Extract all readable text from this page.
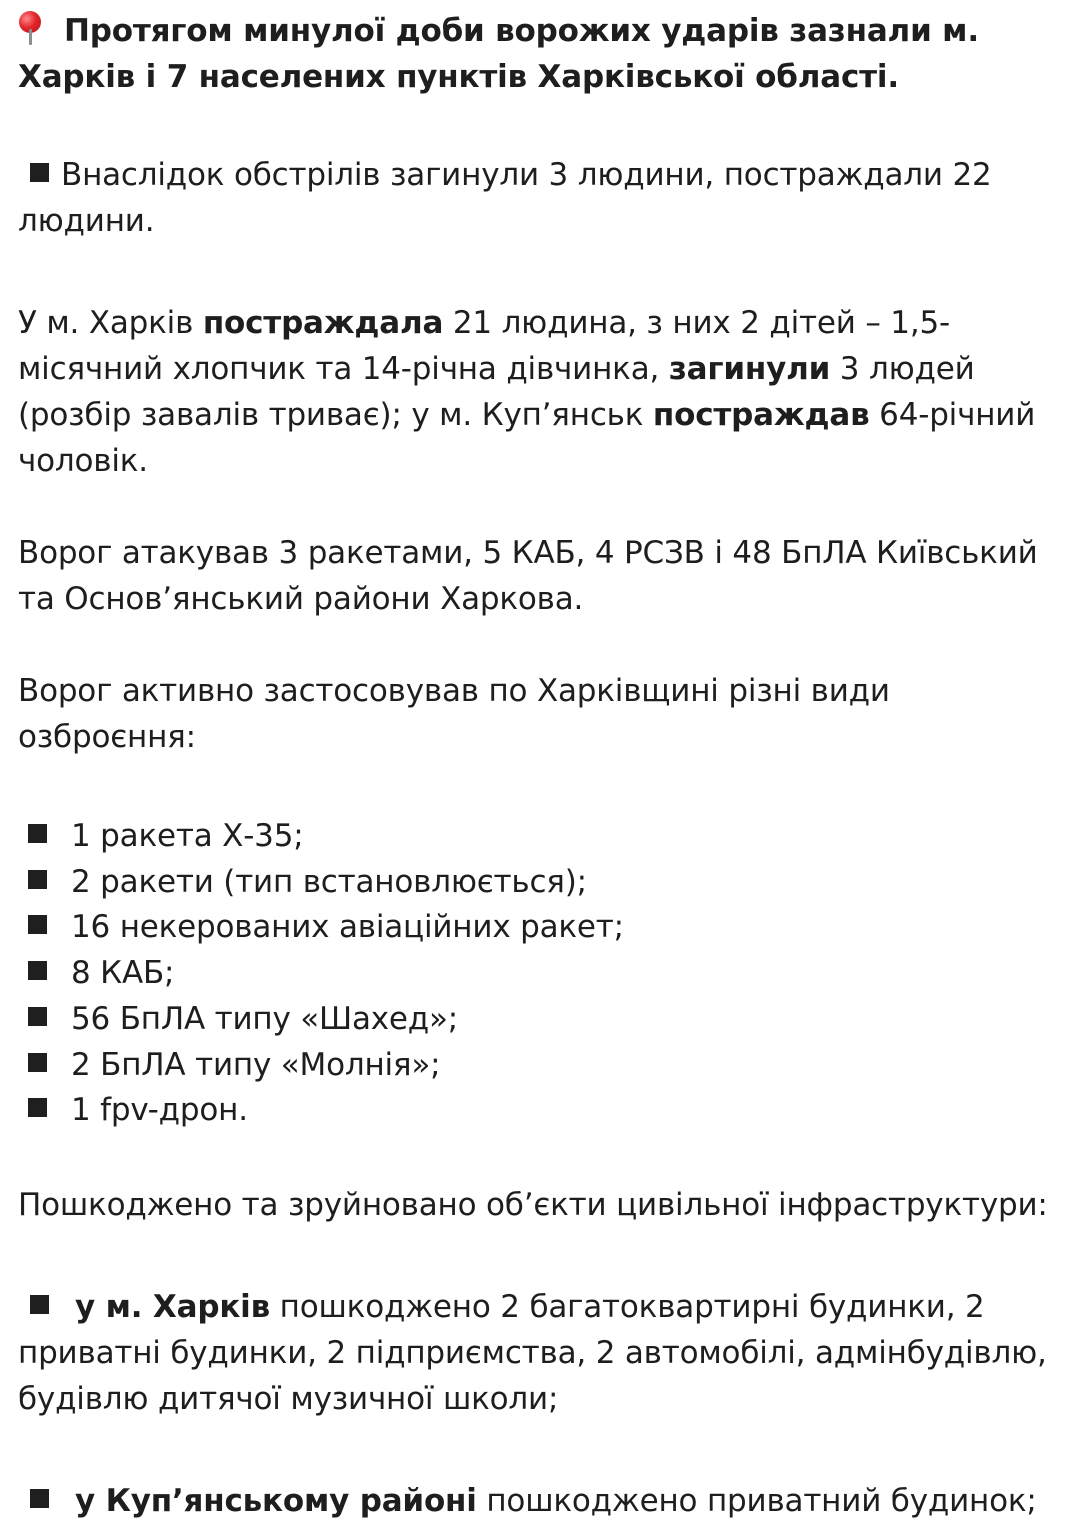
Протягом минулої доби ворожих ударів зазнали м. Харків і 7 населених пунктів Харківської області.

Внаслідок обстрілів загинули 3 людини, постраждали 22 людини.

У м. Харків постраждала 21 людина, з них 2 дітей – 1,5-місячний хлопчик та 14-річна дівчинка, загинули 3 людей (розбір завалів триває); у м. Куп’янськ постраждав 64-річний чоловік.

Ворог атакував 3 ракетами, 5 КАБ, 4 РСЗВ і 48 БпЛА Київський та Основ’янський райони Харкова.

Ворог активно застосовував по Харківщині різні види озброєння:

1 ракета Х-35;
2 ракети (тип встановлюється);
16 некерованих авіаційних ракет;
8 КАБ;
56 БпЛА типу «Шахед»;
2 БпЛА типу «Молнія»;
1 fpv-дрон.

Пошкоджено та зруйновано об’єкти цивільної інфраструктури:

у м. Харків пошкоджено 2 багатоквартирні будинки, 2 приватні будинки, 2 підприємства, 2 автомобілі, адмінбудівлю, будівлю дитячої музичної школи;

у Куп’янському районі пошкоджено приватний будинок;
